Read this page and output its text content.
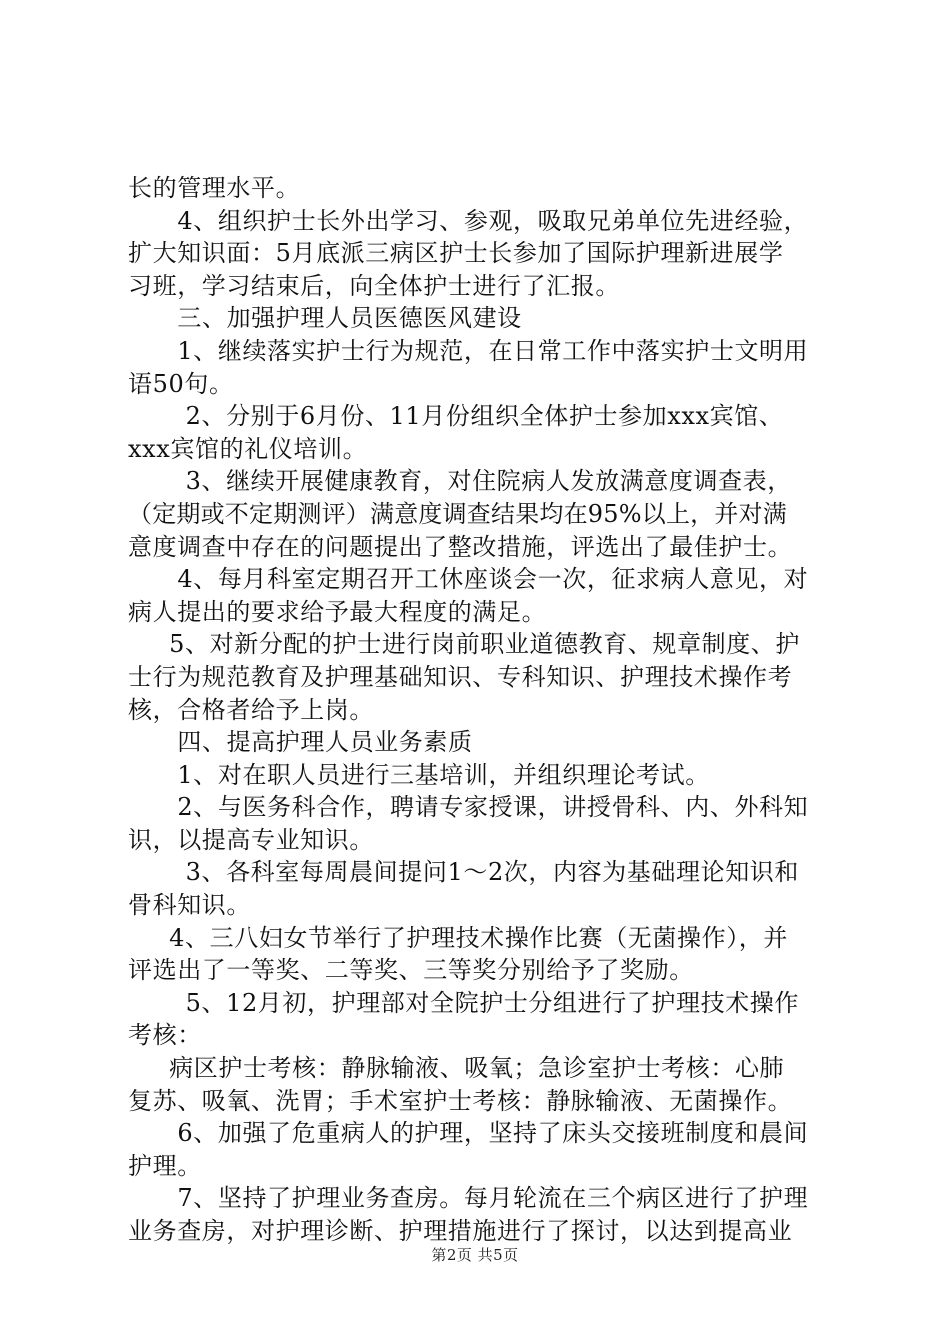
长的管理水平。
4、组织护士长外出学习、参观，吸取兄弟单位先进经验，
扩大知识面：5月底派三病区护士长参加了国际护理新进展学
习班，学习结束后，向全体护士进行了汇报。
三、加强护理人员医德医风建设
1、继续落实护士行为规范，在日常工作中落实护士文明用
语50句。
2、分别于6月份、11月份组织全体护士参加xxx宾馆、
xxx宾馆的礼仪培训。
3、继续开展健康教育，对住院病人发放满意度调查表，
（定期或不定期测评）满意度调查结果均在95%以上，并对满
意度调查中存在的问题提出了整改措施，评选出了最佳护士。
4、每月科室定期召开工休座谈会一次，征求病人意见，对
病人提出的要求给予最大程度的满足。
5、对新分配的护士进行岗前职业道德教育、规章制度、护
士行为规范教育及护理基础知识、专科知识、护理技术操作考
核，合格者给予上岗。
四、提高护理人员业务素质
1、对在职人员进行三基培训，并组织理论考试。
2、与医务科合作，聘请专家授课，讲授骨科、内、外科知
识，以提高专业知识。
3、各科室每周晨间提问1～2次，内容为基础理论知识和
骨科知识。
4、三八妇女节举行了护理技术操作比赛（无菌操作），并
评选出了一等奖、二等奖、三等奖分别给予了奖励。
5、12月初，护理部对全院护士分组进行了护理技术操作
考核：
病区护士考核：静脉输液、吸氧；急诊室护士考核：心肺
复苏、吸氧、洗胃；手术室护士考核：静脉输液、无菌操作。
6、加强了危重病人的护理，坚持了床头交接班制度和晨间
护理。
7、坚持了护理业务查房。每月轮流在三个病区进行了护理
业务查房，对护理诊断、护理措施进行了探讨，以达到提高业
第2页 共5页
